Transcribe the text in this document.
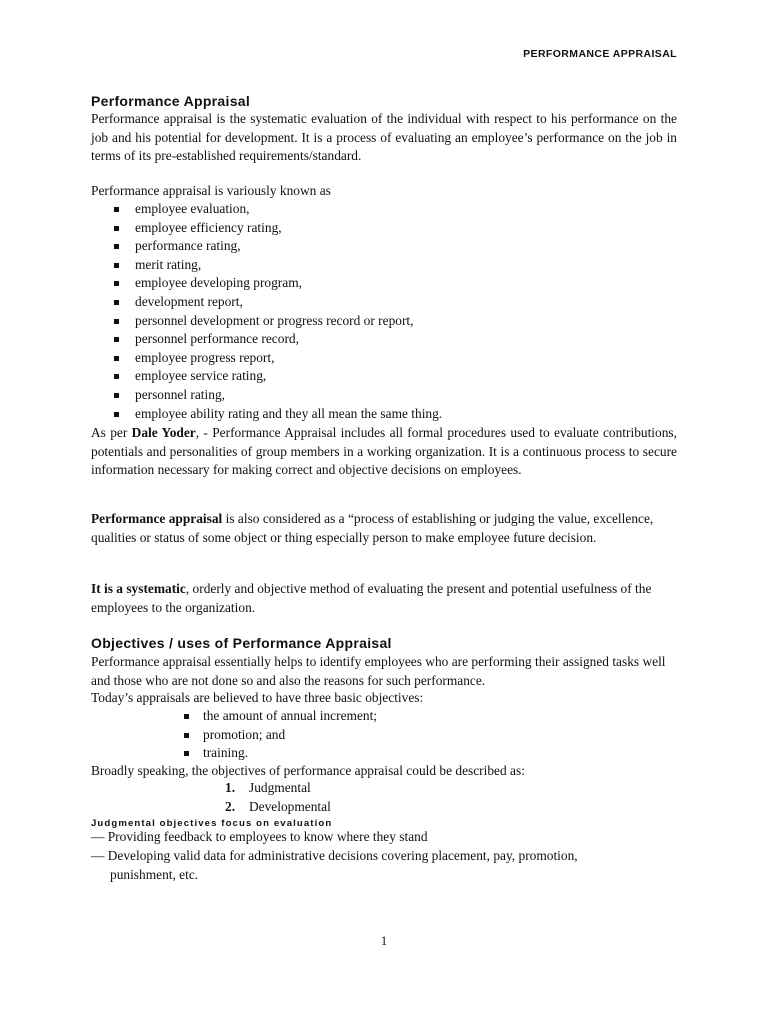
PERFORMANCE APPRAISAL
Performance Appraisal

Performance appraisal is the systematic evaluation of the individual with respect to his performance on the job and his potential for development. It is a process of evaluating an employee’s performance on the job in terms of its pre-established requirements/standard.

Performance appraisal is variously known as

employee evaluation,
employee efficiency rating,
performance rating,
merit rating,
employee developing program,
development report,
personnel development or progress record or report,
personnel performance record,
employee progress report,
employee service rating,
personnel rating,
employee ability rating and they all mean the same thing.

As per Dale Yoder, - Performance Appraisal includes all formal procedures used to evaluate contributions, potentials and personalities of group members in a working organization. It is a continuous process to secure information necessary for making correct and objective decisions on employees.

Performance appraisal is also considered as a “process of establishing or judging the value, excellence, qualities or status of some object or thing especially person to make employee future decision.

It is a systematic, orderly and objective method of evaluating the present and potential usefulness of the employees to the organization.

Objectives / uses of Performance Appraisal

Performance appraisal essentially helps to identify employees who are performing their assigned tasks well and those who are not done so and also the reasons for such performance.

Today’s appraisals are believed to have three basic objectives:

the amount of annual increment;
promotion; and
training.

Broadly speaking, the objectives of performance appraisal could be described as:

1. Judgmental
2. Developmental
Judgmental objectives focus on evaluation
— Providing feedback to employees to know where they stand
— Developing valid data for administrative decisions covering placement, pay, promotion,
punishment, etc.
1
